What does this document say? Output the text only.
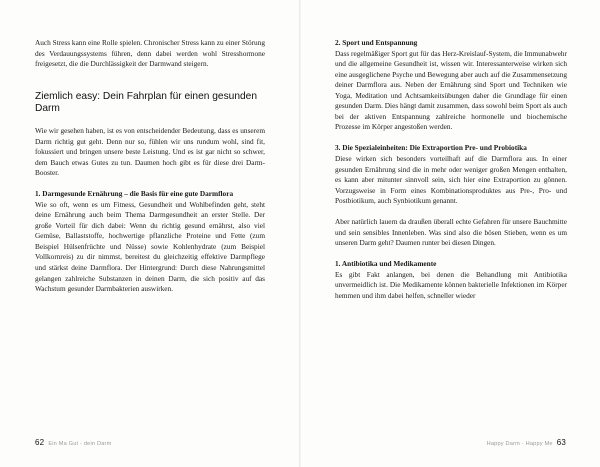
Auch Stress kann eine Rolle spielen. Chronischer Stress kann zu einer Störung des Verdauungssystems führen, denn dabei werden wohl Stresshormone freigesetzt, die die Durchlässigkeit der Darmwand steigern.

Ziemlich easy: Dein Fahrplan für einen gesunden Darm

Wie wir gesehen haben, ist es von entscheidender Bedeutung, dass es unserem Darm richtig gut geht. Denn nur so, fühlen wir uns rundum wohl, sind fit, fokussiert und bringen unsere beste Leistung. Und es ist gar nicht so schwer, dem Bauch etwas Gutes zu tun. Daumen hoch gibt es für diese drei Darm-Booster.

1. Darmgesunde Ernährung – die Basis für eine gute Darmflora

Wie so oft, wenn es um Fitness, Gesundheit und Wohlbefinden geht, steht deine Ernährung auch beim Thema Darmgesundheit an erster Stelle. Der große Vorteil für dich dabei: Wenn du richtig gesund ernährst, also viel Gemüse, Ballaststoffe, hochwertige pflanzliche Proteine und Fette (zum Beispiel Hülsenfrüchte und Nüsse) sowie Kohlenhydrate (zum Beispiel Vollkornreis) zu dir nimmst, bereitest du gleichzeitig effektive Darmpflege und stärkst deine Darmflora. Der Hintergrund: Durch diese Nahrungsmittel gelangen zahlreiche Substanzen in deinen Darm, die sich positiv auf das Wachstum gesunder Darmbakterien auswirken.

62 Ein Ma Gut - dein Darm
2. Sport und Entspannung

Dass regelmäßiger Sport gut für das Herz-Kreislauf-System, die Immunabwehr und die allgemeine Gesundheit ist, wissen wir. Interessanterweise wirken sich eine ausgeglichene Psyche und Bewegung aber auch auf die Zusammensetzung deiner Darmflora aus. Neben der Ernährung sind Sport und Techniken wie Yoga, Meditation und Achtsamkeitsübungen daher die Grundlage für einen gesunden Darm. Dies hängt damit zusammen, dass sowohl beim Sport als auch bei der aktiven Entspannung zahlreiche hormonelle und biochemische Prozesse im Körper angestoßen werden.

3. Die Spezialeinheiten: Die Extraportion Pre- und Probiotika

Diese wirken sich besonders vorteilhaft auf die Darmflora aus. In einer gesunden Ernährung sind die in mehr oder weniger großen Mengen enthalten, es kann aber mitunter sinnvoll sein, sich hier eine Extraportion zu gönnen. Vorzugsweise in Form eines Kombinationsproduktes aus Pre-, Pro- und Postbiotikum, auch Synbiotikum genannt.

Aber natürlich lauern da draußen überall echte Gefahren für unsere Bauchmitte und sein sensibles Innenleben. Was sind also die bösen Stieben, wenn es um unseren Darm geht? Daumen runter bei diesen Dingen.

1. Antibiotika und Medikamente

Es gibt Fakt anlangen, bei denen die Behandlung mit Antibiotika unvermeidlich ist. Die Medikamente können bakterielle Infektionen im Körper hemmen und ihm dabei helfen, schneller wieder

Happy Darm · Happy Me 63
